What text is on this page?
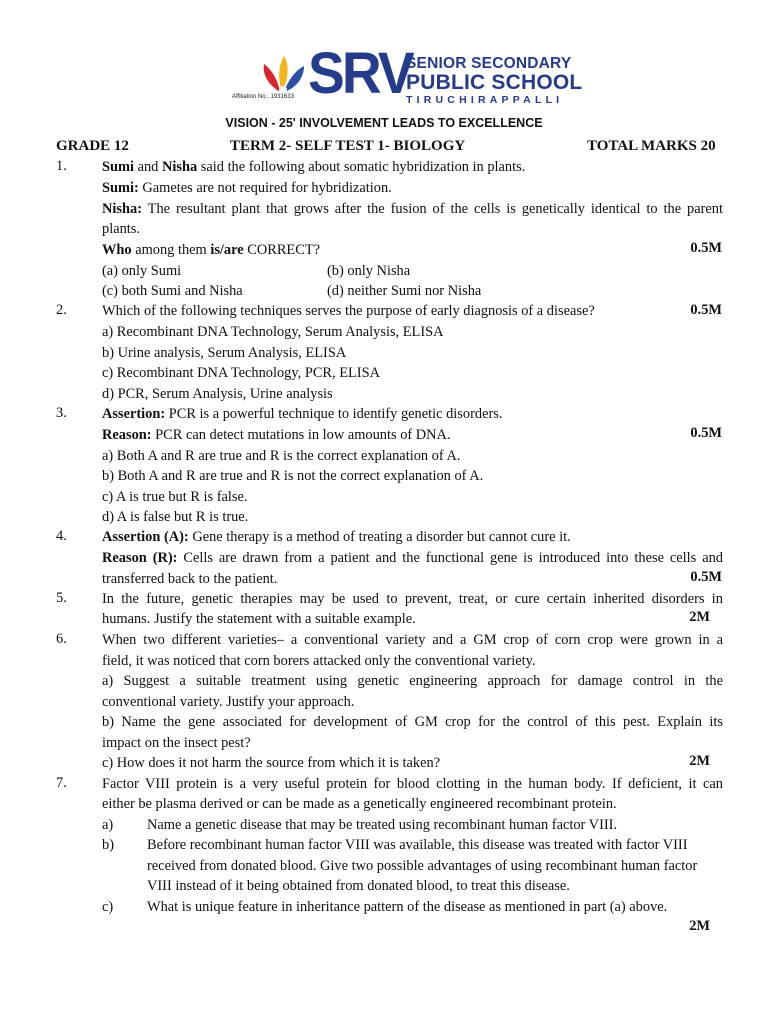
Affiliation No.: 1931633 SRV
SENIOR SECONDARY
PUBLIC SCHOOL
TIRUCHIRAPPALLI
VISION - 25' INVOLVEMENT LEADS TO EXCELLENCE
GRADE 12	TERM 2- SELF TEST 1- BIOLOGY	TOTAL MARKS 20
1. Sumi and Nisha said the following about somatic hybridization in plants.
Sumi: Gametes are not required for hybridization.
Nisha: The resultant plant that grows after the fusion of the cells is genetically identical to the parent
plants.
Who among them is/are CORRECT?	0.5M
(a) only Sumi	(b) only Nisha
(c) both Sumi and Nisha	(d) neither Sumi nor Nisha
2. Which of the following techniques serves the purpose of early diagnosis of a disease?	0.5M
a) Recombinant DNA Technology, Serum Analysis, ELISA
b) Urine analysis, Serum Analysis, ELISA
c) Recombinant DNA Technology, PCR, ELISA
d) PCR, Serum Analysis, Urine analysis
3. Assertion: PCR is a powerful technique to identify genetic disorders.
Reason: PCR can detect mutations in low amounts of DNA.	0.5M
a) Both A and R are true and R is the correct explanation of A.
b) Both A and R are true and R is not the correct explanation of A.
c) A is true but R is false.
d) A is false but R is true.
4. Assertion (A): Gene therapy is a method of treating a disorder but cannot cure it.
Reason (R): Cells are drawn from a patient and the functional gene is introduced into these cells and
transferred back to the patient.	0.5M
5. In the future, genetic therapies may be used to prevent, treat, or cure certain inherited disorders in
humans. Justify the statement with a suitable example.	2M
6. When two different varieties– a conventional variety and a GM crop of corn crop were grown in a
field, it was noticed that corn borers attacked only the conventional variety.
a) Suggest a suitable treatment using genetic engineering approach for damage control in the
conventional variety. Justify your approach.
b) Name the gene associated for development of GM crop for the control of this pest. Explain its
impact on the insect pest?
c) How does it not harm the source from which it is taken?	2M
7. Factor VIII protein is a very useful protein for blood clotting in the human body. If deficient, it can
either be plasma derived or can be made as a genetically engineered recombinant protein.
a) Name a genetic disease that may be treated using recombinant human factor VIII.
b) Before recombinant human factor VIII was available, this disease was treated with factor VIII
received from donated blood. Give two possible advantages of using recombinant human factor
VIII instead of it being obtained from donated blood, to treat this disease.
c) What is unique feature in inheritance pattern of the disease as mentioned in part (a) above.
2M
